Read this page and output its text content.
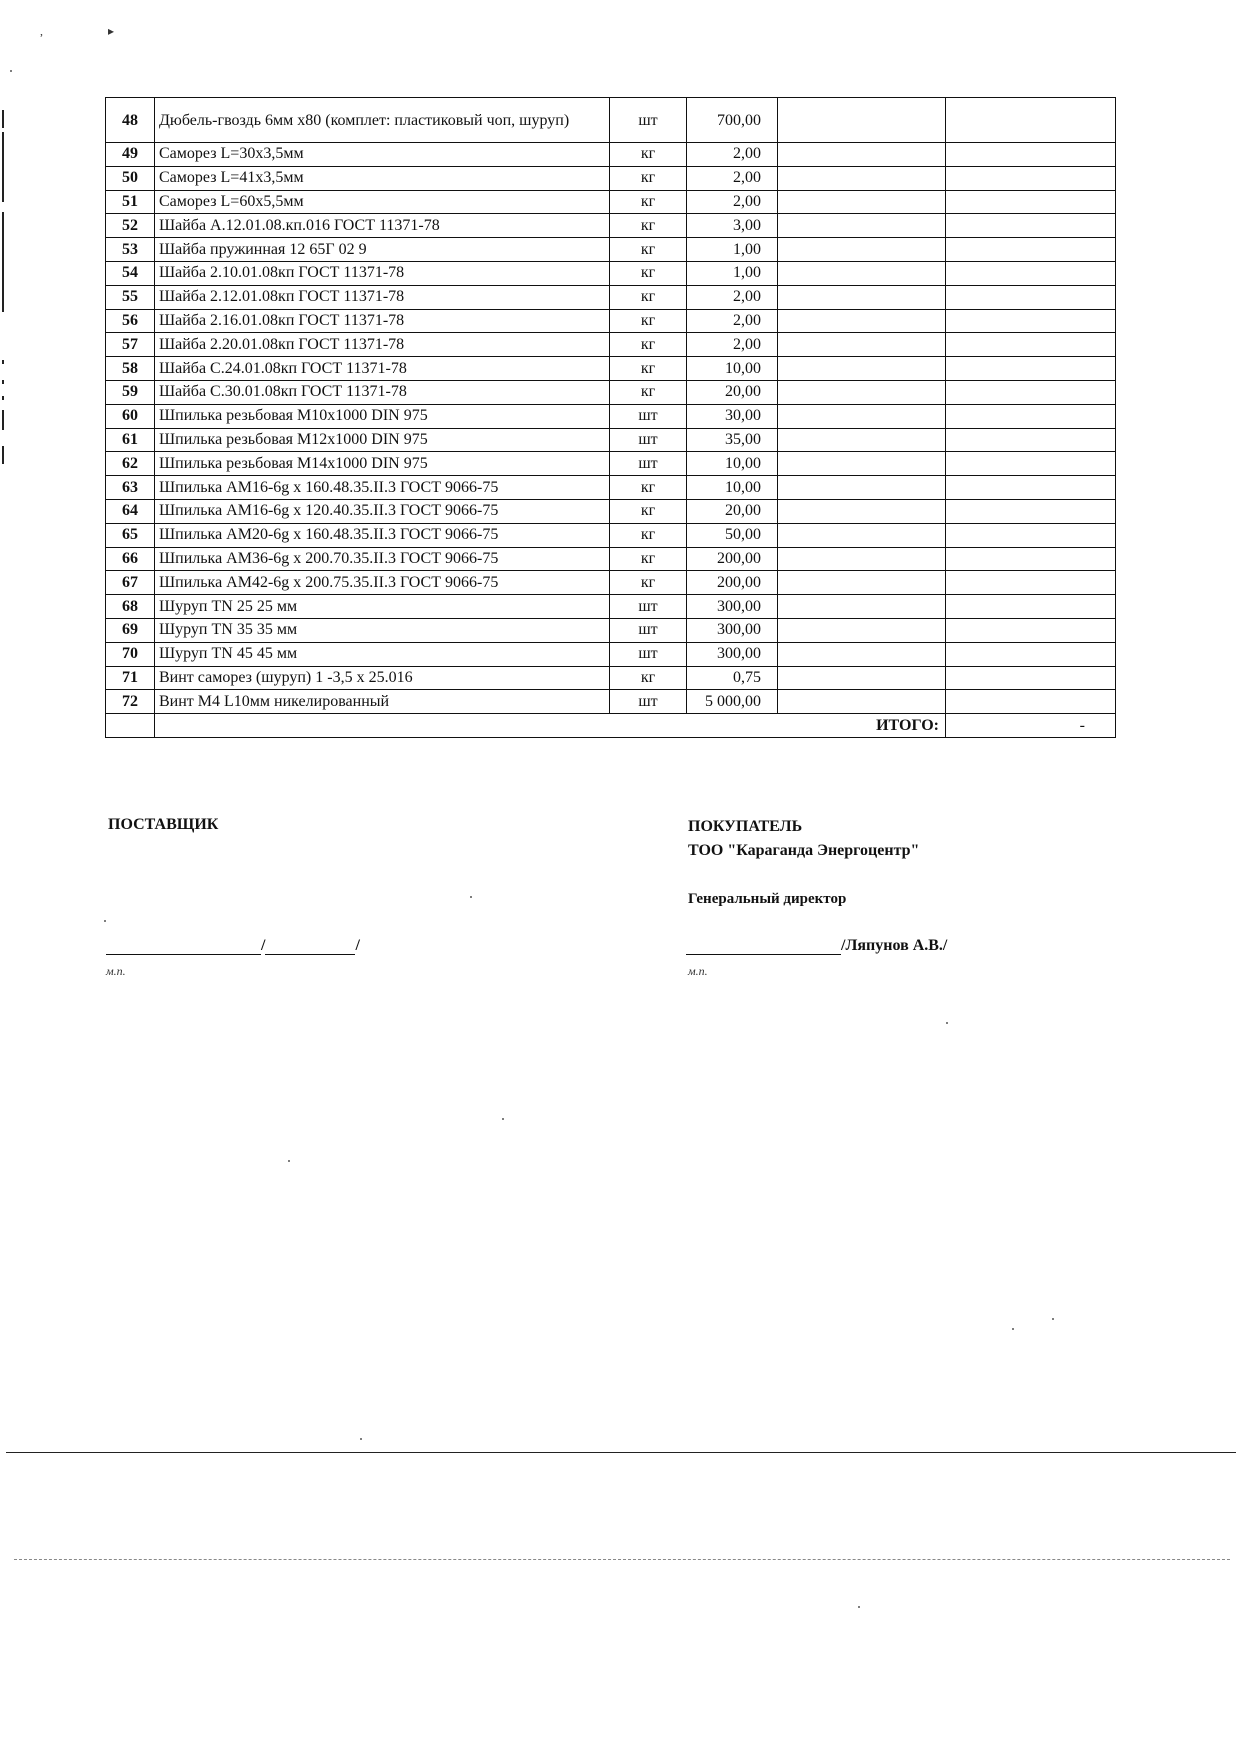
,	▸
48	Дюбель-гвоздь 6мм х80 (комплет: пластиковый чоп, шуруп)	шт	700,00		
49	Саморез L=30х3,5мм	кг	2,00		
50	Саморез L=41х3,5мм	кг	2,00		
51	Саморез L=60х5,5мм	кг	2,00		
52	Шайба А.12.01.08.кп.016 ГОСТ 11371-78	кг	3,00		
53	Шайба пружинная 12 65Г 02 9	кг	1,00		
54	Шайба 2.10.01.08кп ГОСТ 11371-78	кг	1,00		
55	Шайба 2.12.01.08кп ГОСТ 11371-78	кг	2,00		
56	Шайба 2.16.01.08кп ГОСТ 11371-78	кг	2,00		
57	Шайба 2.20.01.08кп ГОСТ 11371-78	кг	2,00		
58	Шайба С.24.01.08кп ГОСТ 11371-78	кг	10,00		
59	Шайба С.30.01.08кп ГОСТ 11371-78	кг	20,00		
60	Шпилька резьбовая М10х1000 DIN 975	шт	30,00		
61	Шпилька резьбовая М12х1000 DIN 975	шт	35,00		
62	Шпилька резьбовая М14х1000 DIN 975	шт	10,00		
63	Шпилька АМ16-6g х 160.48.35.II.3 ГОСТ 9066-75	кг	10,00		
64	Шпилька АМ16-6g х 120.40.35.II.3 ГОСТ 9066-75	кг	20,00		
65	Шпилька АМ20-6g х 160.48.35.II.3 ГОСТ 9066-75	кг	50,00		
66	Шпилька АМ36-6g х 200.70.35.II.3 ГОСТ 9066-75	кг	200,00		
67	Шпилька АМ42-6g х 200.75.35.II.3 ГОСТ 9066-75	кг	200,00		
68	Шуруп TN 25 25 мм	шт	300,00		
69	Шуруп TN 35 35 мм	шт	300,00		
70	Шуруп TN 45 45 мм	шт	300,00		
71	Винт саморез (шуруп) 1 -3,5 х 25.016	кг	0,75		
72	Винт М4 L10мм никелированный	шт	5 000,00		
	ИТОГО:				-
ПОСТАВЩИК
/	/
м.п.
ПОКУПАТЕЛЬ
ТОО "Караганда Энергоцентр"
Генеральный директор
/Ляпунов А.В./
м.п.
